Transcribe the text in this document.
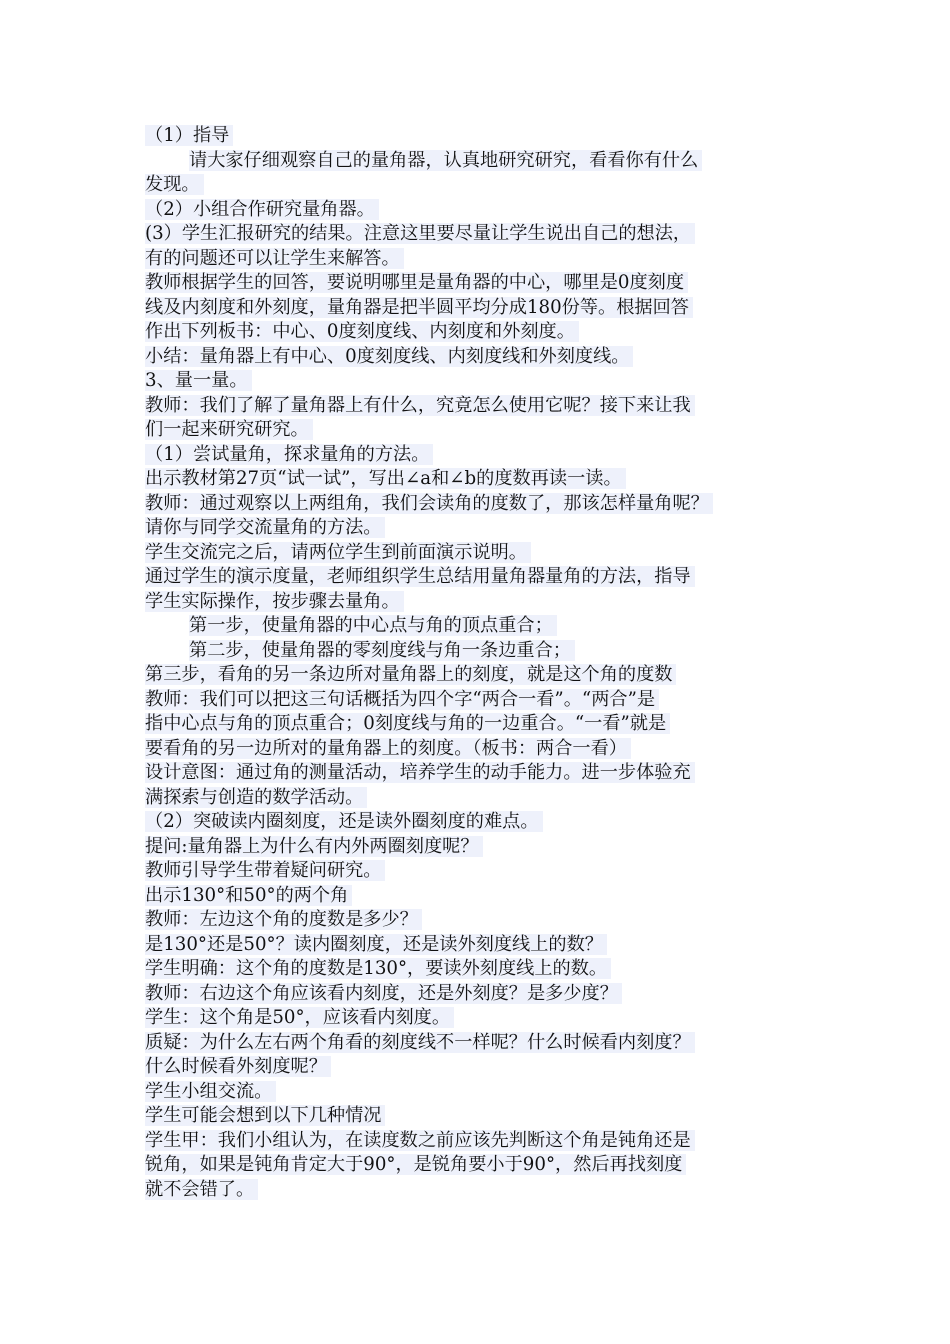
（1）指导
请大家仔细观察自己的量角器，认真地研究研究，看看你有什么
发现。
（2）小组合作研究量角器。
(3）学生汇报研究的结果。注意这里要尽量让学生说出自己的想法，
有的问题还可以让学生来解答。
教师根据学生的回答，要说明哪里是量角器的中心，哪里是0度刻度
线及内刻度和外刻度，量角器是把半圆平均分成180份等。根据回答
作出下列板书：中心、0度刻度线、内刻度和外刻度。
小结：量角器上有中心、0度刻度线、内刻度线和外刻度线。
3、量一量。
教师：我们了解了量角器上有什么，究竟怎么使用它呢？接下来让我
们一起来研究研究。
（1）尝试量角，探求量角的方法。
出示教材第27页“试一试”，写出∠a和∠b的度数再读一读。
教师：通过观察以上两组角，我们会读角的度数了，那该怎样量角呢？
请你与同学交流量角的方法。
学生交流完之后，请两位学生到前面演示说明。
通过学生的演示度量，老师组织学生总结用量角器量角的方法，指导
学生实际操作，按步骤去量角。
第一步，使量角器的中心点与角的顶点重合；
第二步，使量角器的零刻度线与角一条边重合；
第三步，看角的另一条边所对量角器上的刻度，就是这个角的度数
教师：我们可以把这三句话概括为四个字“两合一看”。“两合”是
指中心点与角的顶点重合；0刻度线与角的一边重合。“一看”就是
要看角的另一边所对的量角器上的刻度。（板书：两合一看）
设计意图：通过角的测量活动，培养学生的动手能力。进一步体验充
满探索与创造的数学活动。
（2）突破读内圈刻度，还是读外圈刻度的难点。
提问:量角器上为什么有内外两圈刻度呢？
教师引导学生带着疑问研究。
出示130°和50°的两个角
教师：左边这个角的度数是多少？
是130°还是50°？读内圈刻度，还是读外刻度线上的数？
学生明确：这个角的度数是130°，要读外刻度线上的数。
教师：右边这个角应该看内刻度，还是外刻度？是多少度？
学生：这个角是50°，应该看内刻度。
质疑：为什么左右两个角看的刻度线不一样呢？什么时候看内刻度？
什么时候看外刻度呢？
学生小组交流。
学生可能会想到以下几种情况
学生甲：我们小组认为，在读度数之前应该先判断这个角是钝角还是
锐角，如果是钝角肯定大于90°，是锐角要小于90°，然后再找刻度
就不会错了。
